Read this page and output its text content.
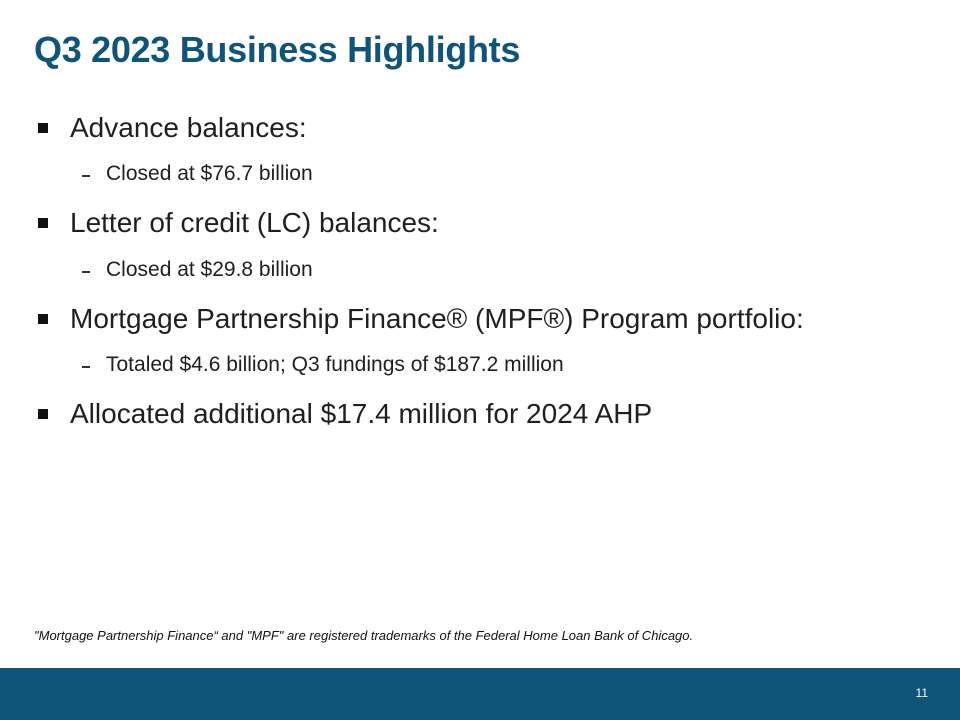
Q3 2023 Business Highlights
Advance balances:
Closed at $76.7 billion
Letter of credit (LC) balances:
Closed at $29.8 billion
Mortgage Partnership Finance® (MPF®) Program portfolio:
Totaled $4.6 billion; Q3 fundings of $187.2 million
Allocated additional $17.4 million for 2024 AHP
"Mortgage Partnership Finance“ and "MPF" are registered trademarks of the Federal Home Loan Bank of Chicago.
11
